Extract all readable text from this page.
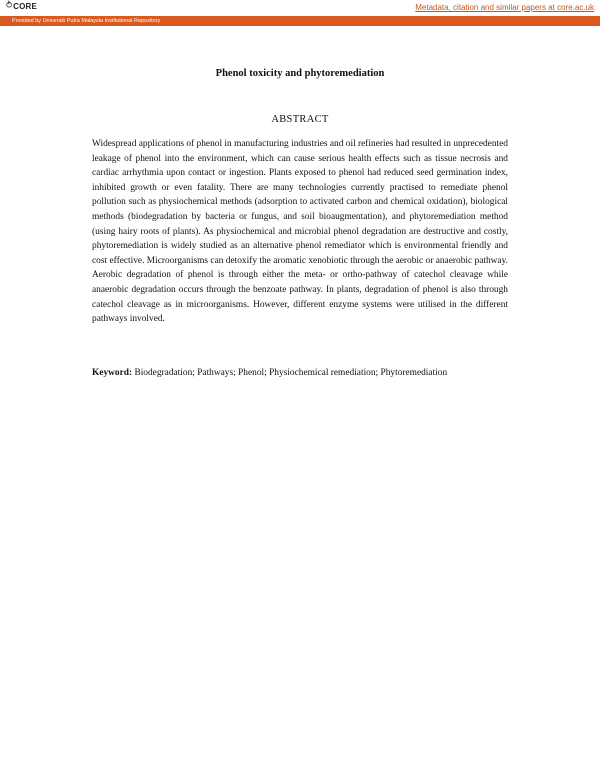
⥁ CORE	Metadata, citation and similar papers at core.ac.uk
Provided by Universiti Putra Malaysia Institutional Repository
Phenol toxicity and phytoremediation
ABSTRACT

Widespread applications of phenol in manufacturing industries and oil refineries had resulted in unprecedented leakage of phenol into the environment, which can cause serious health effects such as tissue necrosis and cardiac arrhythmia upon contact or ingestion. Plants exposed to phenol had reduced seed germination index, inhibited growth or even fatality. There are many technologies currently practised to remediate phenol pollution such as physiochemical methods (adsorption to activated carbon and chemical oxidation), biological methods (biodegradation by bacteria or fungus, and soil bioaugmentation), and phytoremediation method (using hairy roots of plants). As physiochemical and microbial phenol degradation are destructive and costly, phytoremediation is widely studied as an alternative phenol remediator which is environmental friendly and cost effective. Microorganisms can detoxify the aromatic xenobiotic through the aerobic or anaerobic pathway. Aerobic degradation of phenol is through either the meta- or ortho-pathway of catechol cleavage while anaerobic degradation occurs through the benzoate pathway. In plants, degradation of phenol is also through catechol cleavage as in microorganisms. However, different enzyme systems were utilised in the different pathways involved.

Keyword: Biodegradation; Pathways; Phenol; Physiochemical remediation; Phytoremediation
